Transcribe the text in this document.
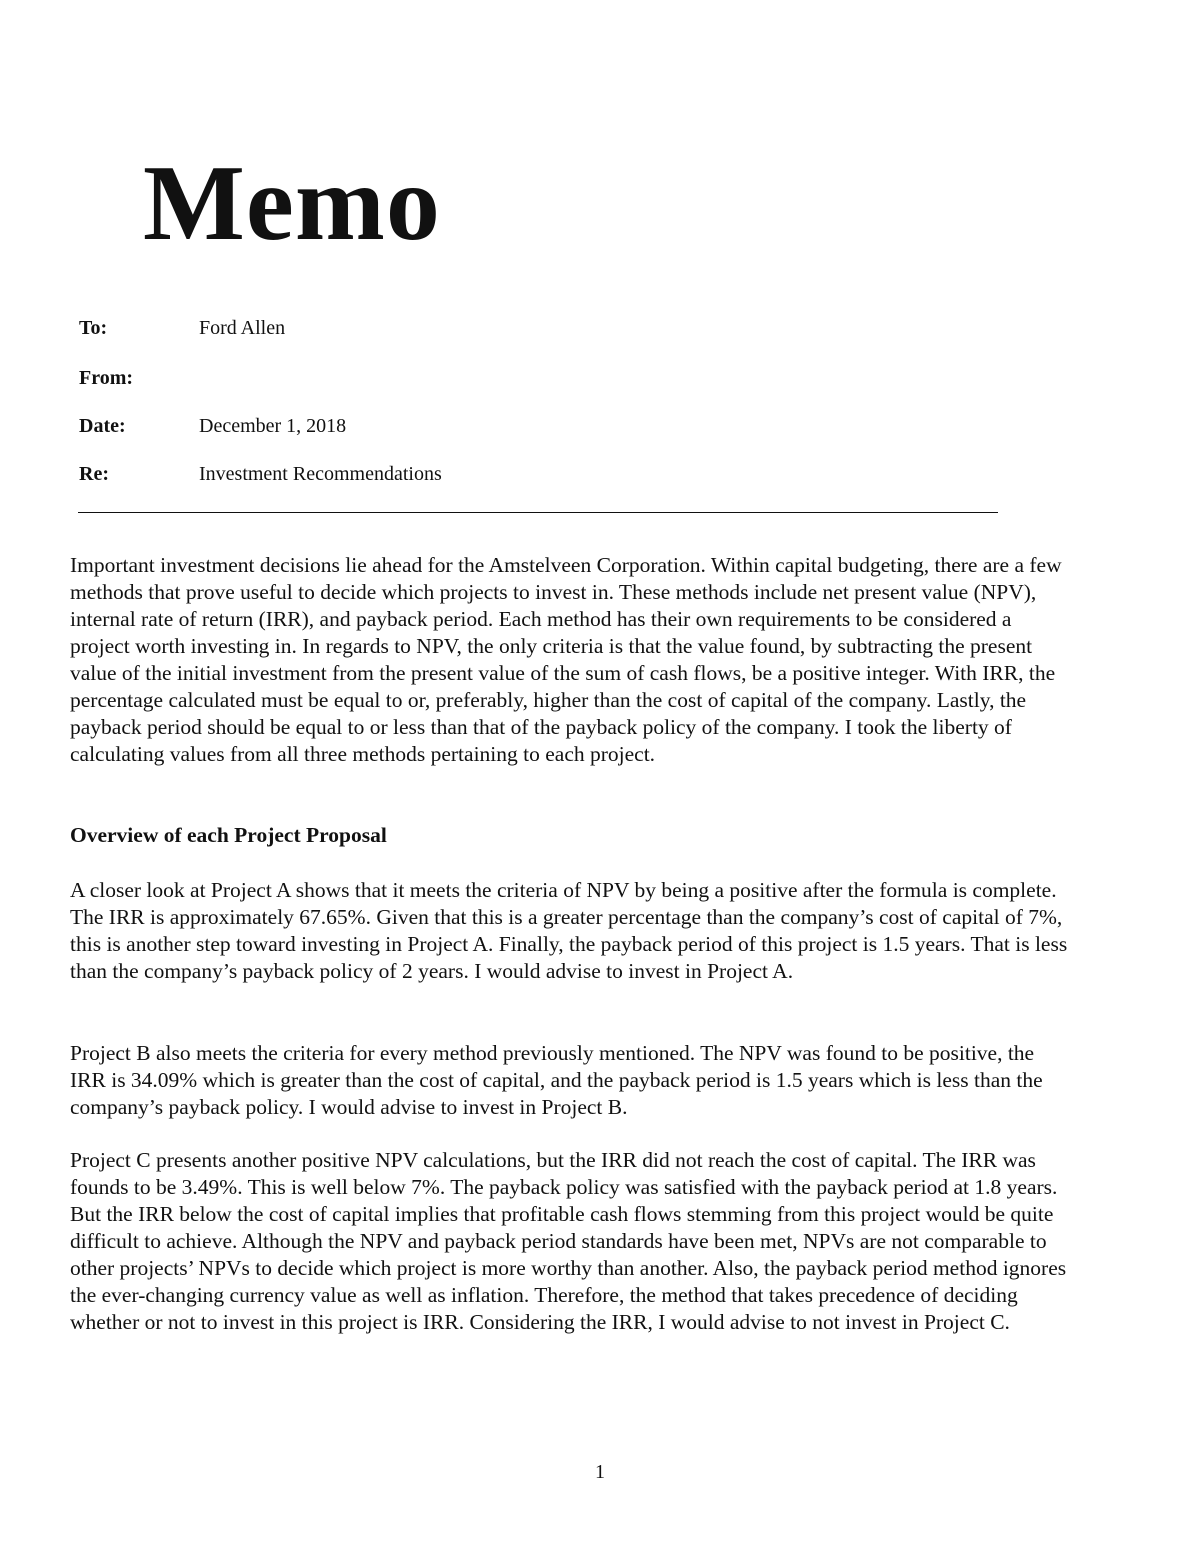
Memo
To:	Ford Allen
From:
Date:	December 1, 2018
Re:	Investment Recommendations

Important investment decisions lie ahead for the Amstelveen Corporation. Within capital budgeting, there are a few methods that prove useful to decide which projects to invest in. These methods include net present value (NPV), internal rate of return (IRR), and payback period. Each method has their own requirements to be considered a project worth investing in. In regards to NPV, the only criteria is that the value found, by subtracting the present value of the initial investment from the present value of the sum of cash flows, be a positive integer. With IRR, the percentage calculated must be equal to or, preferably, higher than the cost of capital of the company. Lastly, the payback period should be equal to or less than that of the payback policy of the company. I took the liberty of calculating values from all three methods pertaining to each project.

Overview of each Project Proposal

A closer look at Project A shows that it meets the criteria of NPV by being a positive after the formula is complete. The IRR is approximately 67.65%. Given that this is a greater percentage than the company’s cost of capital of 7%, this is another step toward investing in Project A. Finally, the payback period of this project is 1.5 years. That is less than the company’s payback policy of 2 years. I would advise to invest in Project A.

Project B also meets the criteria for every method previously mentioned. The NPV was found to be positive, the IRR is 34.09% which is greater than the cost of capital, and the payback period is 1.5 years which is less than the company’s payback policy. I would advise to invest in Project B.

Project C presents another positive NPV calculations, but the IRR did not reach the cost of capital. The IRR was founds to be 3.49%. This is well below 7%. The payback policy was satisfied with the payback period at 1.8 years. But the IRR below the cost of capital implies that profitable cash flows stemming from this project would be quite difficult to achieve. Although the NPV and payback period standards have been met, NPVs are not comparable to other projects’ NPVs to decide which project is more worthy than another. Also, the payback period method ignores the ever-changing currency value as well as inflation. Therefore, the method that takes precedence of deciding whether or not to invest in this project is IRR. Considering the IRR, I would advise to not invest in Project C.

1
